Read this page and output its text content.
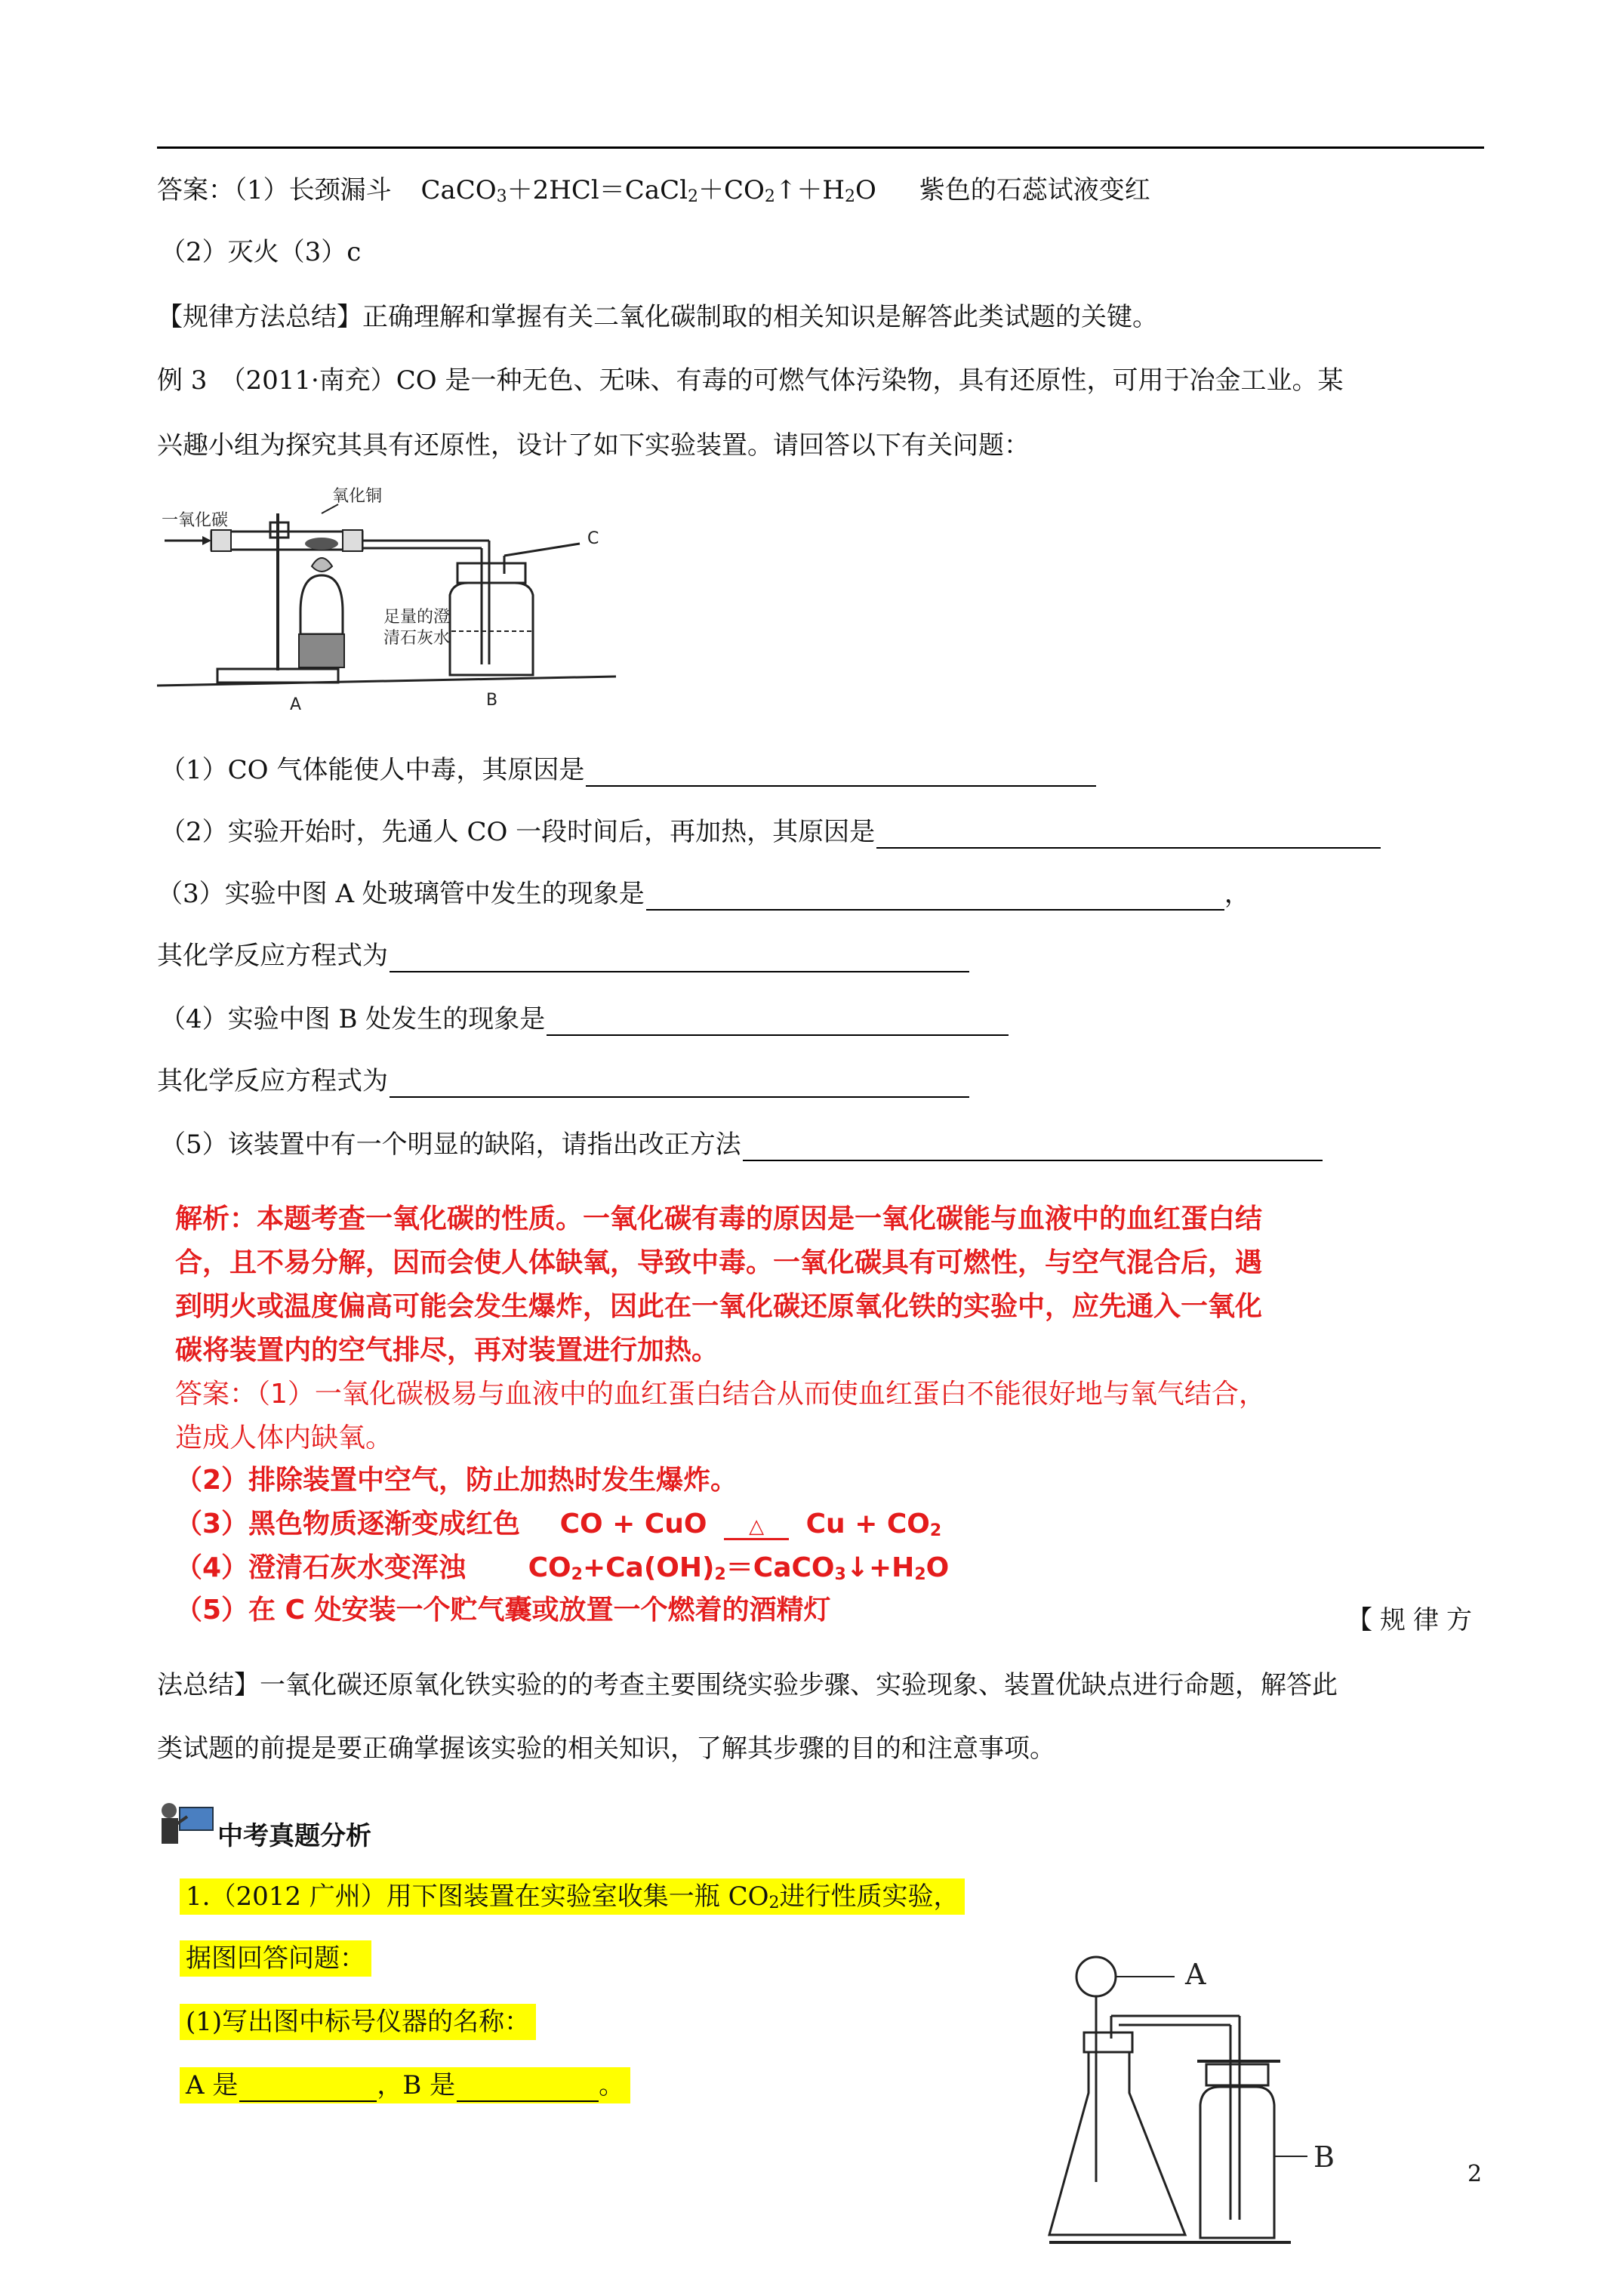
答案：（1）长颈漏斗 $CaCO_3+2HCl=CaCl_2+CO_2↑+H_2O$ 紫色的石蕊试液变红
（2）灭火（3）c
【规律方法总结】正确理解和掌握有关二氧化碳制取的相关知识是解答此类试题的关键。
例 3　（2011·南充）CO 是一种无色、无味、有毒的可燃气体污染物，具有还原性，可用于冶金工业。某
兴趣小组为探究其具有还原性，设计了如下实验装置。请回答以下有关问题：
一氧化碳
氧化铜
C
足量的澄
清石灰水
A	B
（1）CO 气体能使人中毒，其原因是
（2）实验开始时，先通人 CO 一段时间后，再加热，其原因是
（3）实验中图 A 处玻璃管中发生的现象是	，
其化学反应方程式为
（4）实验中图 B 处发生的现象是
其化学反应方程式为
（5）该装置中有一个明显的缺陷，请指出改正方法
解析：本题考查一氧化碳的性质。一氧化碳有毒的原因是一氧化碳能与血液中的血红蛋白结
合，且不易分解，因而会使人体缺氧，导致中毒。一氧化碳具有可燃性，与空气混合后，遇
到明火或温度偏高可能会发生爆炸，因此在一氧化碳还原氧化铁的实验中，应先通入一氧化
碳将装置内的空气排尽，再对装置进行加热。
答案：（1）一氧化碳极易与血液中的血红蛋白结合从而使血红蛋白不能很好地与氧气结合，
造成人体内缺氧。
（2）排除装置中空气，防止加热时发生爆炸。
（3）黑色物质逐渐变成红色 CO + CuO △ $Cu + CO_2$
（4）澄清石灰水变浑浊 $CO_2+Ca(OH)_2=CaCO_3↓+H_2O$
（5）在 C 处安装一个贮气囊或放置一个燃着的酒精灯	【规律方
法总结】一氧化碳还原氧化铁实验的的考查主要围绕实验步骤、实验现象、装置优缺点进行命题，解答此
类试题的前提是要正确掌握该实验的相关知识，了解其步骤的目的和注意事项。
中考真题分析
1.（2012 广州）用下图装置在实验室收集一瓶 $CO_2$进行性质实验，
据图回答问题：
(1)写出图中标号仪器的名称：
A 是	，B 是	。
A
B
2
